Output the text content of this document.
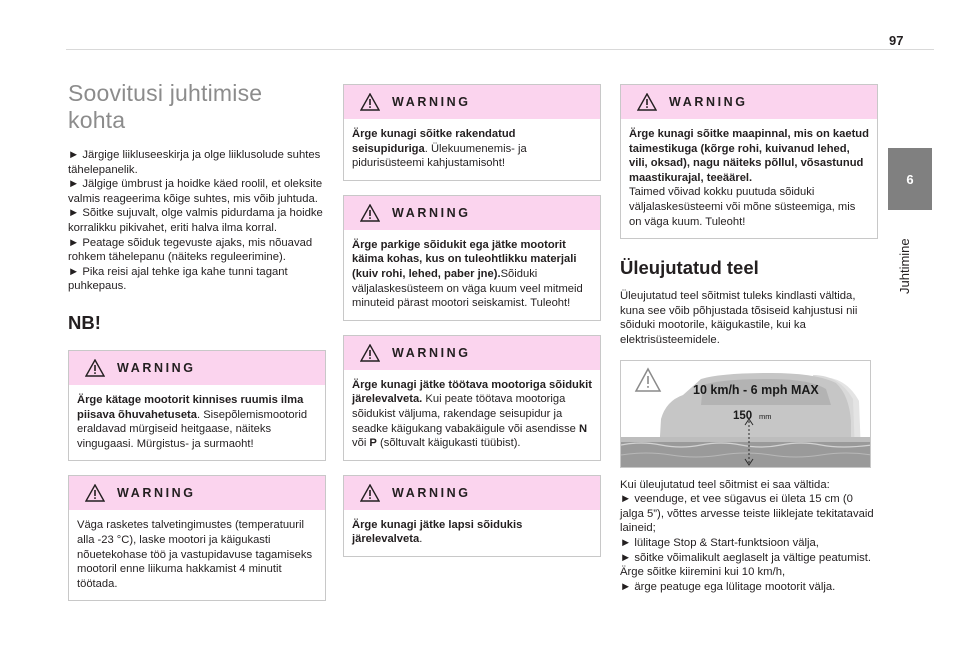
97
6
Juhtimine
Soovitusi juhtimise kohta

► Järgige liikluseeskirja ja olge liiklusolude suhtes tähelepanelik.

► Jälgige ümbrust ja hoidke käed roolil, et oleksite valmis reageerima kõige suhtes, mis võib juhtuda.

► Sõitke sujuvalt, olge valmis pidurdama ja hoidke korralikku pikivahet, eriti halva ilma korral.

► Peatage sõiduk tegevuste ajaks, mis nõuavad rohkem tähelepanu (näiteks reguleerimine).

► Pika reisi ajal tehke iga kahe tunni tagant puhkepaus.

NB!
WARNING
Ärge kätage mootorit kinnises ruumis ilma piisava õhuvahetuseta. Sisepõlemismootorid eraldavad mürgiseid heitgaase, näiteks vingugaasi. Mürgistus- ja surmaoht!
WARNING
Väga rasketes talvetingimustes (temperatuuril alla -23 °C), laske mootori ja käigukasti nõuetekohase töö ja vastupidavuse tagamiseks mootoril enne liikuma hakkamist 4 minutit töötada.
WARNING
Ärge kunagi sõitke rakendatud seisupiduriga. Ülekuumenemis- ja pidurisüsteemi kahjustamisoht!
WARNING
Ärge parkige sõidukit ega jätke mootorit käima kohas, kus on tuleohtlikku materjali (kuiv rohi, lehed, paber jne).Sõiduki väljalaskesüsteem on väga kuum veel mitmeid minuteid pärast mootori seiskamist. Tuleoht!
WARNING
Ärge kunagi jätke töötava mootoriga sõidukit järelevalveta. Kui peate töötava mootoriga sõidukist väljuma, rakendage seisupidur ja seadke käigukang vabakäigule või asendisse N või P (sõltuvalt käigukasti tüübist).
WARNING
Ärge kunagi jätke lapsi sõidukis järelevalveta.
WARNING
Ärge kunagi sõitke maapinnal, mis on kaetud taimestikuga (kõrge rohi, kuivanud lehed, vili, oksad), nagu näiteks põllul, võsastunud maastikurajal, teeäärel.
Taimed võivad kokku puutuda sõiduki väljalaskesüsteemi või mõne süsteemiga, mis on väga kuum. Tuleoht!
Üleujutatud teel
Üleujutatud teel sõitmist tuleks kindlasti vältida, kuna see võib põhjustada tõsiseid kahjustusi nii sõiduki mootorile, käigukastile, kui ka elektrisüsteemidele.
10 km/h - 6 mph MAX
150 mm

Kui üleujutatud teel sõitmist ei saa vältida:

► veenduge, et vee sügavus ei ületa 15 cm (0 jalga 5”), võttes arvesse teiste liiklejate tekitatavaid laineid;

► lülitage Stop & Start-funktsioon välja,

► sõitke võimalikult aeglaselt ja vältige peatumist. Ärge sõitke kiiremini kui 10 km/h,

► ärge peatuge ega lülitage mootorit välja.
